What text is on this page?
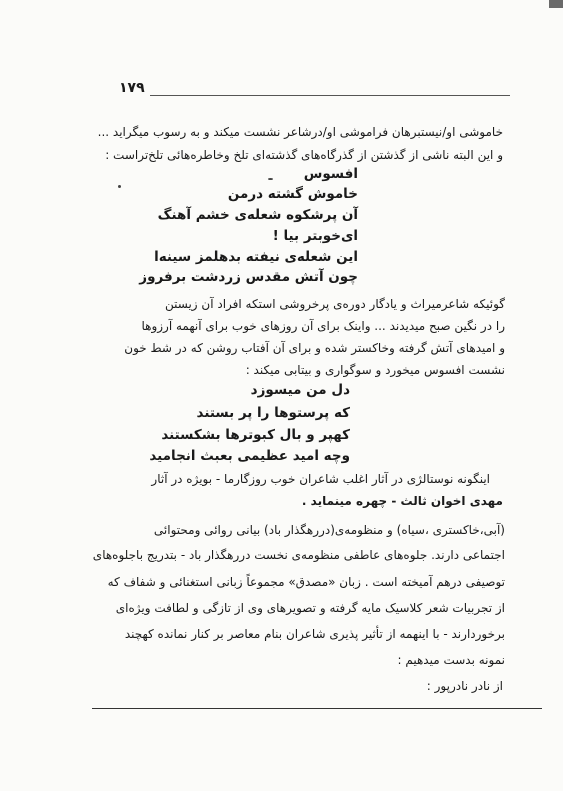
۱۷۹
خاموشی او/نیستبرهان فراموشی او/درشاعر نشست میکند و به رسوب میگراید ...
و این البته ناشی از گذشتن از گذرگاه‌های گذشته‌ای تلخ وخاطره‌هائی تلخ‌تراست :
افسوس
خاموش گشته درمن
آن پرشکوه شعله‌ی خشم آهنگ
ای‌خوبتر بیا !
این شعله‌ی نیفته بدهلمز سینه‌ا
چون آتش مقدس زردشت برفروز
گوئیکه شاعرمیراث و یادگار دوره‌ی پرخروشی استکه افراد آن زیستن
را در نگین صبح میدیدند ... واینک برای آن روزهای خوب برای آنهمه آرزوها
و امیدهای آتش گرفته وخاکستر شده و برای آن آفتاب روشن که در شط خون
نشست افسوس میخورد و سوگواری و بیتابی میکند :
دل من میسوزد
که پرستوها را پر بستند
کهپر و بال کبوترها بشکستند
وچه امید عظیمی بعبث انجامید
اینگونه نوستالژی در آثار اغلب شاعران خوب روزگارما - بویژه در آثار
مهدی اخوان ثالث - چهره مینماید .
(آبی،خاکستری ،سیاه) و منظومه‌ی(دررهگذار باد) بیانی روائی ومحتوائی
اجتماعی دارند. جلوه‌های عاطفی منظومه‌ی نخست دررهگذار باد - بتدریج باجلوه‌های
توصیفی درهم آمیخته است . زبان «مصدق» مجموعاً زبانی استغنائی و شفاف که
از تجربیات شعر کلاسیک مایه گرفته و تصویرهای وی از تازگی و لطافت ویژه‌ای
برخوردارند - با اینهمه از تأثیر پذیری شاعران بنام معاصر بر کنار نمانده کهچند
نمونه بدست میدهیم :
از نادر نادرپور :
